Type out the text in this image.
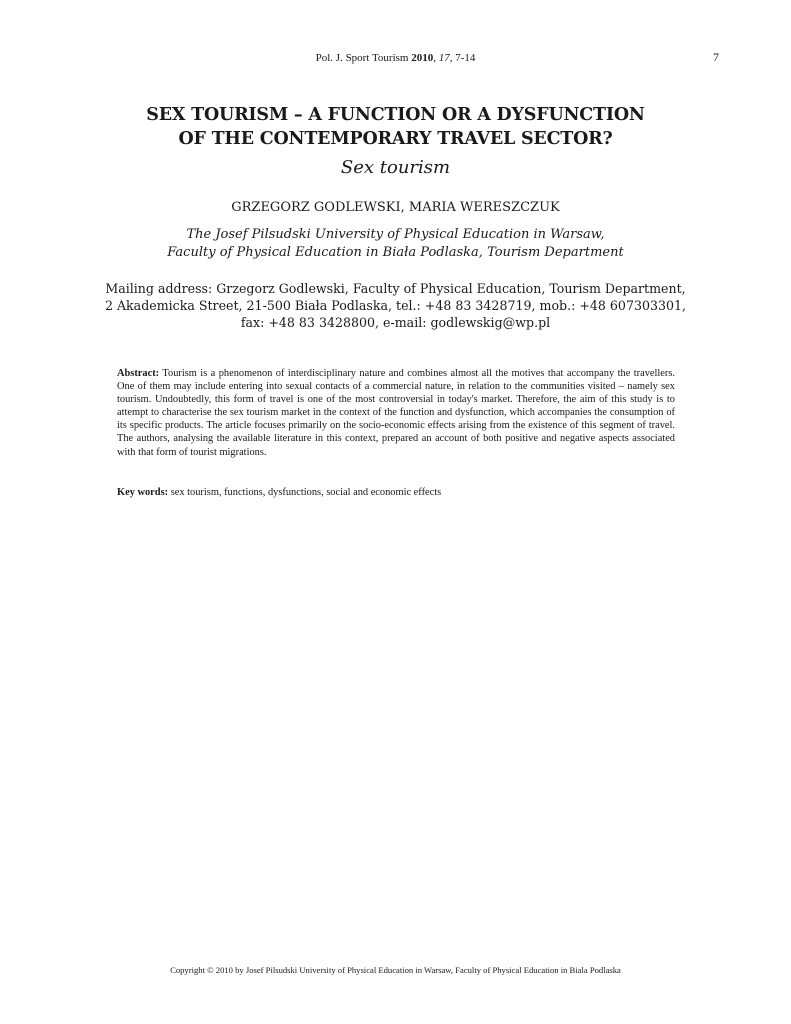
Pol. J. Sport Tourism 2010, 17, 7-14	7
SEX TOURISM – A FUNCTION OR A DYSFUNCTION
OF THE CONTEMPORARY TRAVEL SECTOR?
Sex tourism
GRZEGORZ GODLEWSKI, MARIA WERESZCZUK
The Josef Pilsudski University of Physical Education in Warsaw,
Faculty of Physical Education in Biała Podlaska, Tourism Department
Mailing address: Grzegorz Godlewski, Faculty of Physical Education, Tourism Department,
2 Akademicka Street, 21-500 Biała Podlaska, tel.: +48 83 3428719, mob.: +48 607303301,
fax: +48 83 3428800, e-mail: godlewskig@wp.pl
Abstract: Tourism is a phenomenon of interdisciplinary nature and combines almost all the motives that accompany the travellers. One of them may include entering into sexual contacts of a commercial nature, in relation to the communities visited – namely sex tourism. Undoubtedly, this form of travel is one of the most controversial in today's market. Therefore, the aim of this study is to attempt to characterise the sex tourism market in the context of the function and dysfunction, which accompanies the consumption of its specific products. The article focuses primarily on the socio-economic effects arising from the existence of this segment of travel. The authors, analysing the available literature in this context, prepared an account of both positive and negative aspects associated with that form of tourist migrations.
Key words: sex tourism, functions, dysfunctions, social and economic effects
Copyright © 2010 by Josef Pilsudski University of Physical Education in Warsaw, Faculty of Physical Education in Biala Podlaska
